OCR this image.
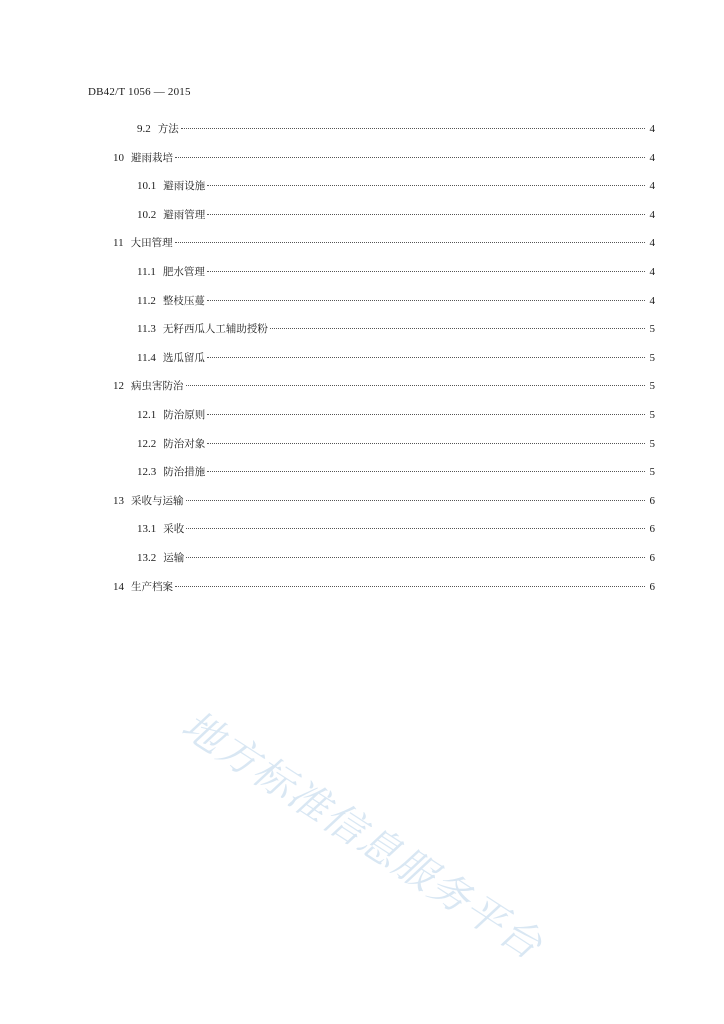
DB42/T 1056 — 2015
9.2 方法	4
10 避雨栽培	4
10.1 避雨设施	4
10.2 避雨管理	4
11 大田管理	4
11.1 肥水管理	4
11.2 整枝压蔓	4
11.3 无籽西瓜人工辅助授粉	5
11.4 选瓜留瓜	5
12 病虫害防治	5
12.1 防治原则	5
12.2 防治对象	5
12.3 防治措施	5
13 采收与运输	6
13.1 采收	6
13.2 运输	6
14 生产档案	6
地方标准信息服务平台
